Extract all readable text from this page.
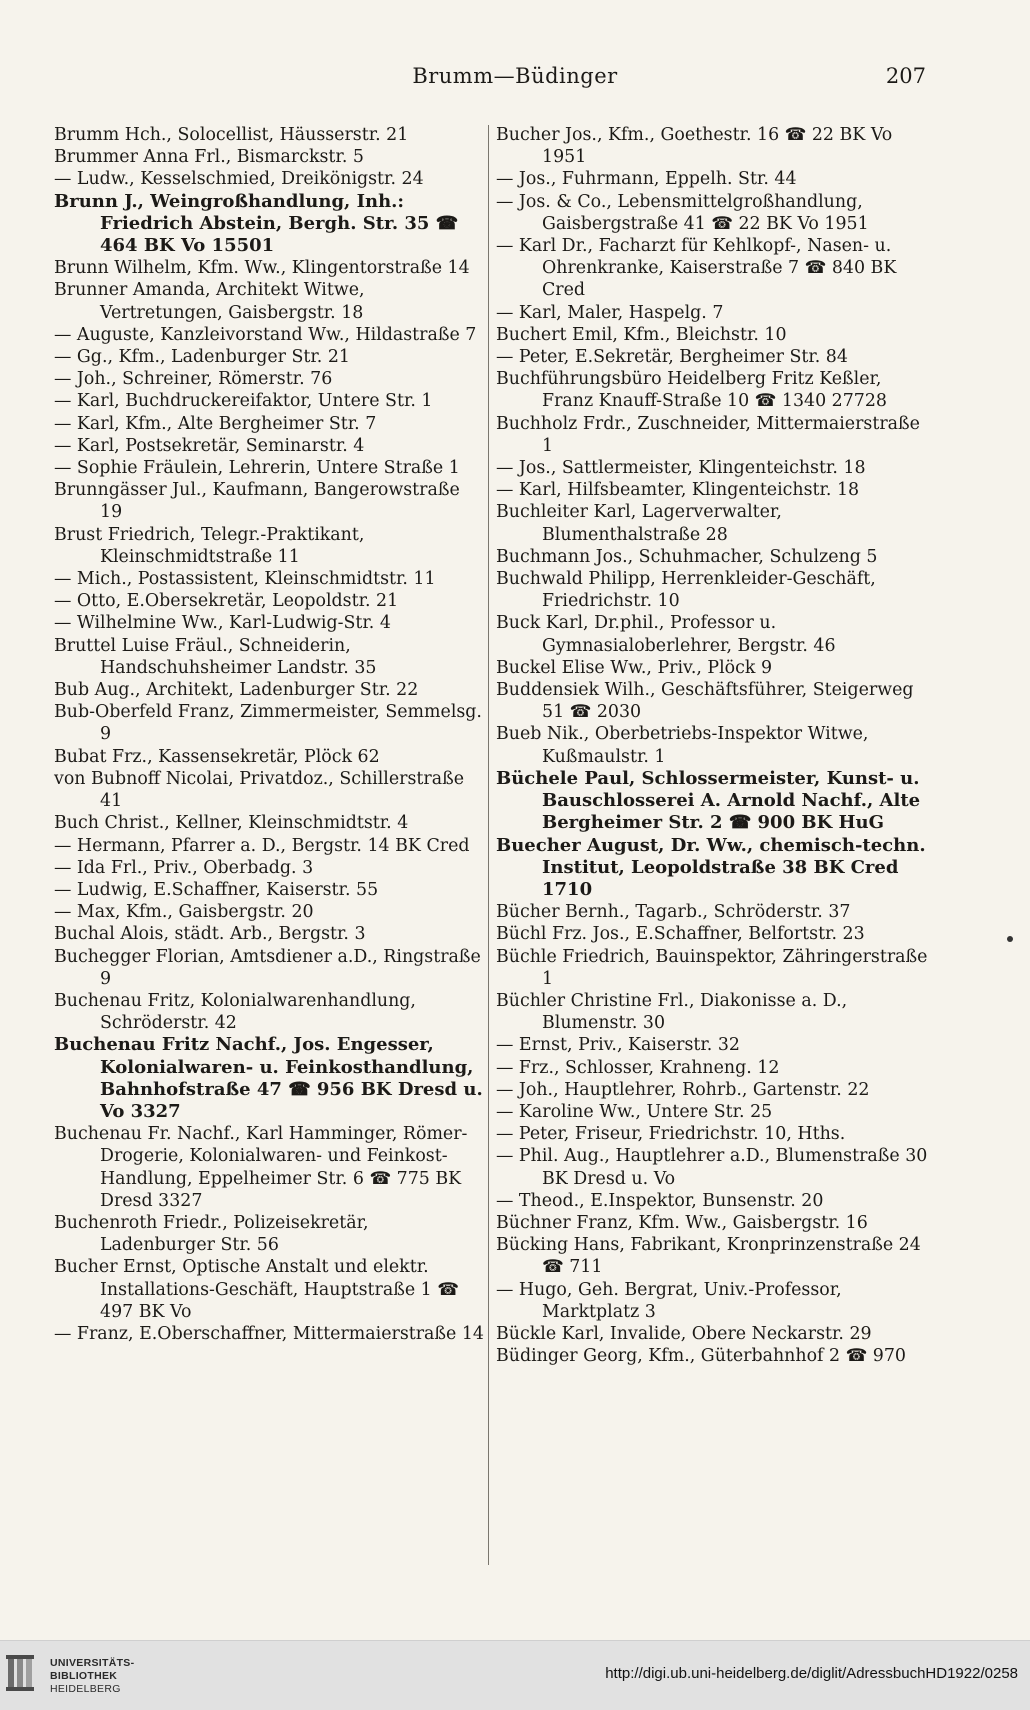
Brumm—Büdinger	207
Brumm Hch., Solocellist, Häusserstr. 21
Brummer Anna Frl., Bismarckstr. 5
— Ludw., Kesselschmied, Dreikönigstr. 24
Brunn J., Weingroßhandlung, Inh.: Friedrich Abstein, Bergh. Str. 35 ☎ 464 BK Vo 15501
Brunn Wilhelm, Kfm. Ww., Klingentorstraße 14
Brunner Amanda, Architekt Witwe, Vertretungen, Gaisbergstr. 18
— Auguste, Kanzleivorstand Ww., Hildastraße 7
— Gg., Kfm., Ladenburger Str. 21
— Joh., Schreiner, Römerstr. 76
— Karl, Buchdruckereifaktor, Untere Str. 1
— Karl, Kfm., Alte Bergheimer Str. 7
— Karl, Postsekretär, Seminarstr. 4
— Sophie Fräulein, Lehrerin, Untere Straße 1
Brunngässer Jul., Kaufmann, Bangerowstraße 19
Brust Friedrich, Telegr.-Praktikant, Kleinschmidtstraße 11
— Mich., Postassistent, Kleinschmidtstr. 11
— Otto, E.Obersekretär, Leopoldstr. 21
— Wilhelmine Ww., Karl-Ludwig-Str. 4
Bruttel Luise Fräul., Schneiderin, Handschuhsheimer Landstr. 35
Bub Aug., Architekt, Ladenburger Str. 22
Bub-Oberfeld Franz, Zimmermeister, Semmelsg. 9
Bubat Frz., Kassensekretär, Plöck 62
von Bubnoff Nicolai, Privatdoz., Schillerstraße 41
Buch Christ., Kellner, Kleinschmidtstr. 4
— Hermann, Pfarrer a. D., Bergstr. 14 BK Cred
— Ida Frl., Priv., Oberbadg. 3
— Ludwig, E.Schaffner, Kaiserstr. 55
— Max, Kfm., Gaisbergstr. 20
Buchal Alois, städt. Arb., Bergstr. 3
Buchegger Florian, Amtsdiener a.D., Ringstraße 9
Buchenau Fritz, Kolonialwarenhandlung, Schröderstr. 42
Buchenau Fritz Nachf., Jos. Engesser, Kolonialwaren- u. Feinkosthandlung, Bahnhofstraße 47 ☎ 956 BK Dresd u. Vo 3327
Buchenau Fr. Nachf., Karl Hamminger, Römer-Drogerie, Kolonialwaren- und Feinkost-Handlung, Eppelheimer Str. 6 ☎ 775 BK Dresd 3327
Buchenroth Friedr., Polizeisekretär, Ladenburger Str. 56
Bucher Ernst, Optische Anstalt und elektr. Installations-Geschäft, Hauptstraße 1 ☎ 497 BK Vo
— Franz, E.Oberschaffner, Mittermaierstraße 14
Bucher Jos., Kfm., Goethestr. 16 ☎ 22 BK Vo 1951
— Jos., Fuhrmann, Eppelh. Str. 44
— Jos. & Co., Lebensmittelgroßhandlung, Gaisbergstraße 41 ☎ 22 BK Vo 1951
— Karl Dr., Facharzt für Kehlkopf-, Nasen- u. Ohrenkranke, Kaiserstraße 7 ☎ 840 BK Cred
— Karl, Maler, Haspelg. 7
Buchert Emil, Kfm., Bleichstr. 10
— Peter, E.Sekretär, Bergheimer Str. 84
Buchführungsbüro Heidelberg Fritz Keßler, Franz Knauff-Straße 10 ☎ 1340 27728
Buchholz Frdr., Zuschneider, Mittermaierstraße 1
— Jos., Sattlermeister, Klingenteichstr. 18
— Karl, Hilfsbeamter, Klingenteichstr. 18
Buchleiter Karl, Lagerverwalter, Blumenthalstraße 28
Buchmann Jos., Schuhmacher, Schulzeng 5
Buchwald Philipp, Herrenkleider-Geschäft, Friedrichstr. 10
Buck Karl, Dr.phil., Professor u. Gymnasialoberlehrer, Bergstr. 46
Buckel Elise Ww., Priv., Plöck 9
Buddensiek Wilh., Geschäftsführer, Steigerweg 51 ☎ 2030
Bueb Nik., Oberbetriebs-Inspektor Witwe, Kußmaulstr. 1
Büchele Paul, Schlossermeister, Kunst- u. Bauschlosserei A. Arnold Nachf., Alte Bergheimer Str. 2 ☎ 900 BK HuG
Buecher August, Dr. Ww., chemisch-techn. Institut, Leopoldstraße 38 BK Cred 1710
Bücher Bernh., Tagarb., Schröderstr. 37
Büchl Frz. Jos., E.Schaffner, Belfortstr. 23
Büchle Friedrich, Bauinspektor, Zähringerstraße 1
Büchler Christine Frl., Diakonisse a. D., Blumenstr. 30
— Ernst, Priv., Kaiserstr. 32
— Frz., Schlosser, Krahneng. 12
— Joh., Hauptlehrer, Rohrb., Gartenstr. 22
— Karoline Ww., Untere Str. 25
— Peter, Friseur, Friedrichstr. 10, Hths.
— Phil. Aug., Hauptlehrer a.D., Blumenstraße 30 BK Dresd u. Vo
— Theod., E.Inspektor, Bunsenstr. 20
Büchner Franz, Kfm. Ww., Gaisbergstr. 16
Bücking Hans, Fabrikant, Kronprinzenstraße 24 ☎ 711
— Hugo, Geh. Bergrat, Univ.-Professor, Marktplatz 3
Bückle Karl, Invalide, Obere Neckarstr. 29
Büdinger Georg, Kfm., Güterbahnhof 2 ☎ 970
UNIVERSITÄTS-
BIBLIOTHEK
HEIDELBERG
http://digi.ub.uni-heidelberg.de/diglit/AdressbuchHD1922/0258
